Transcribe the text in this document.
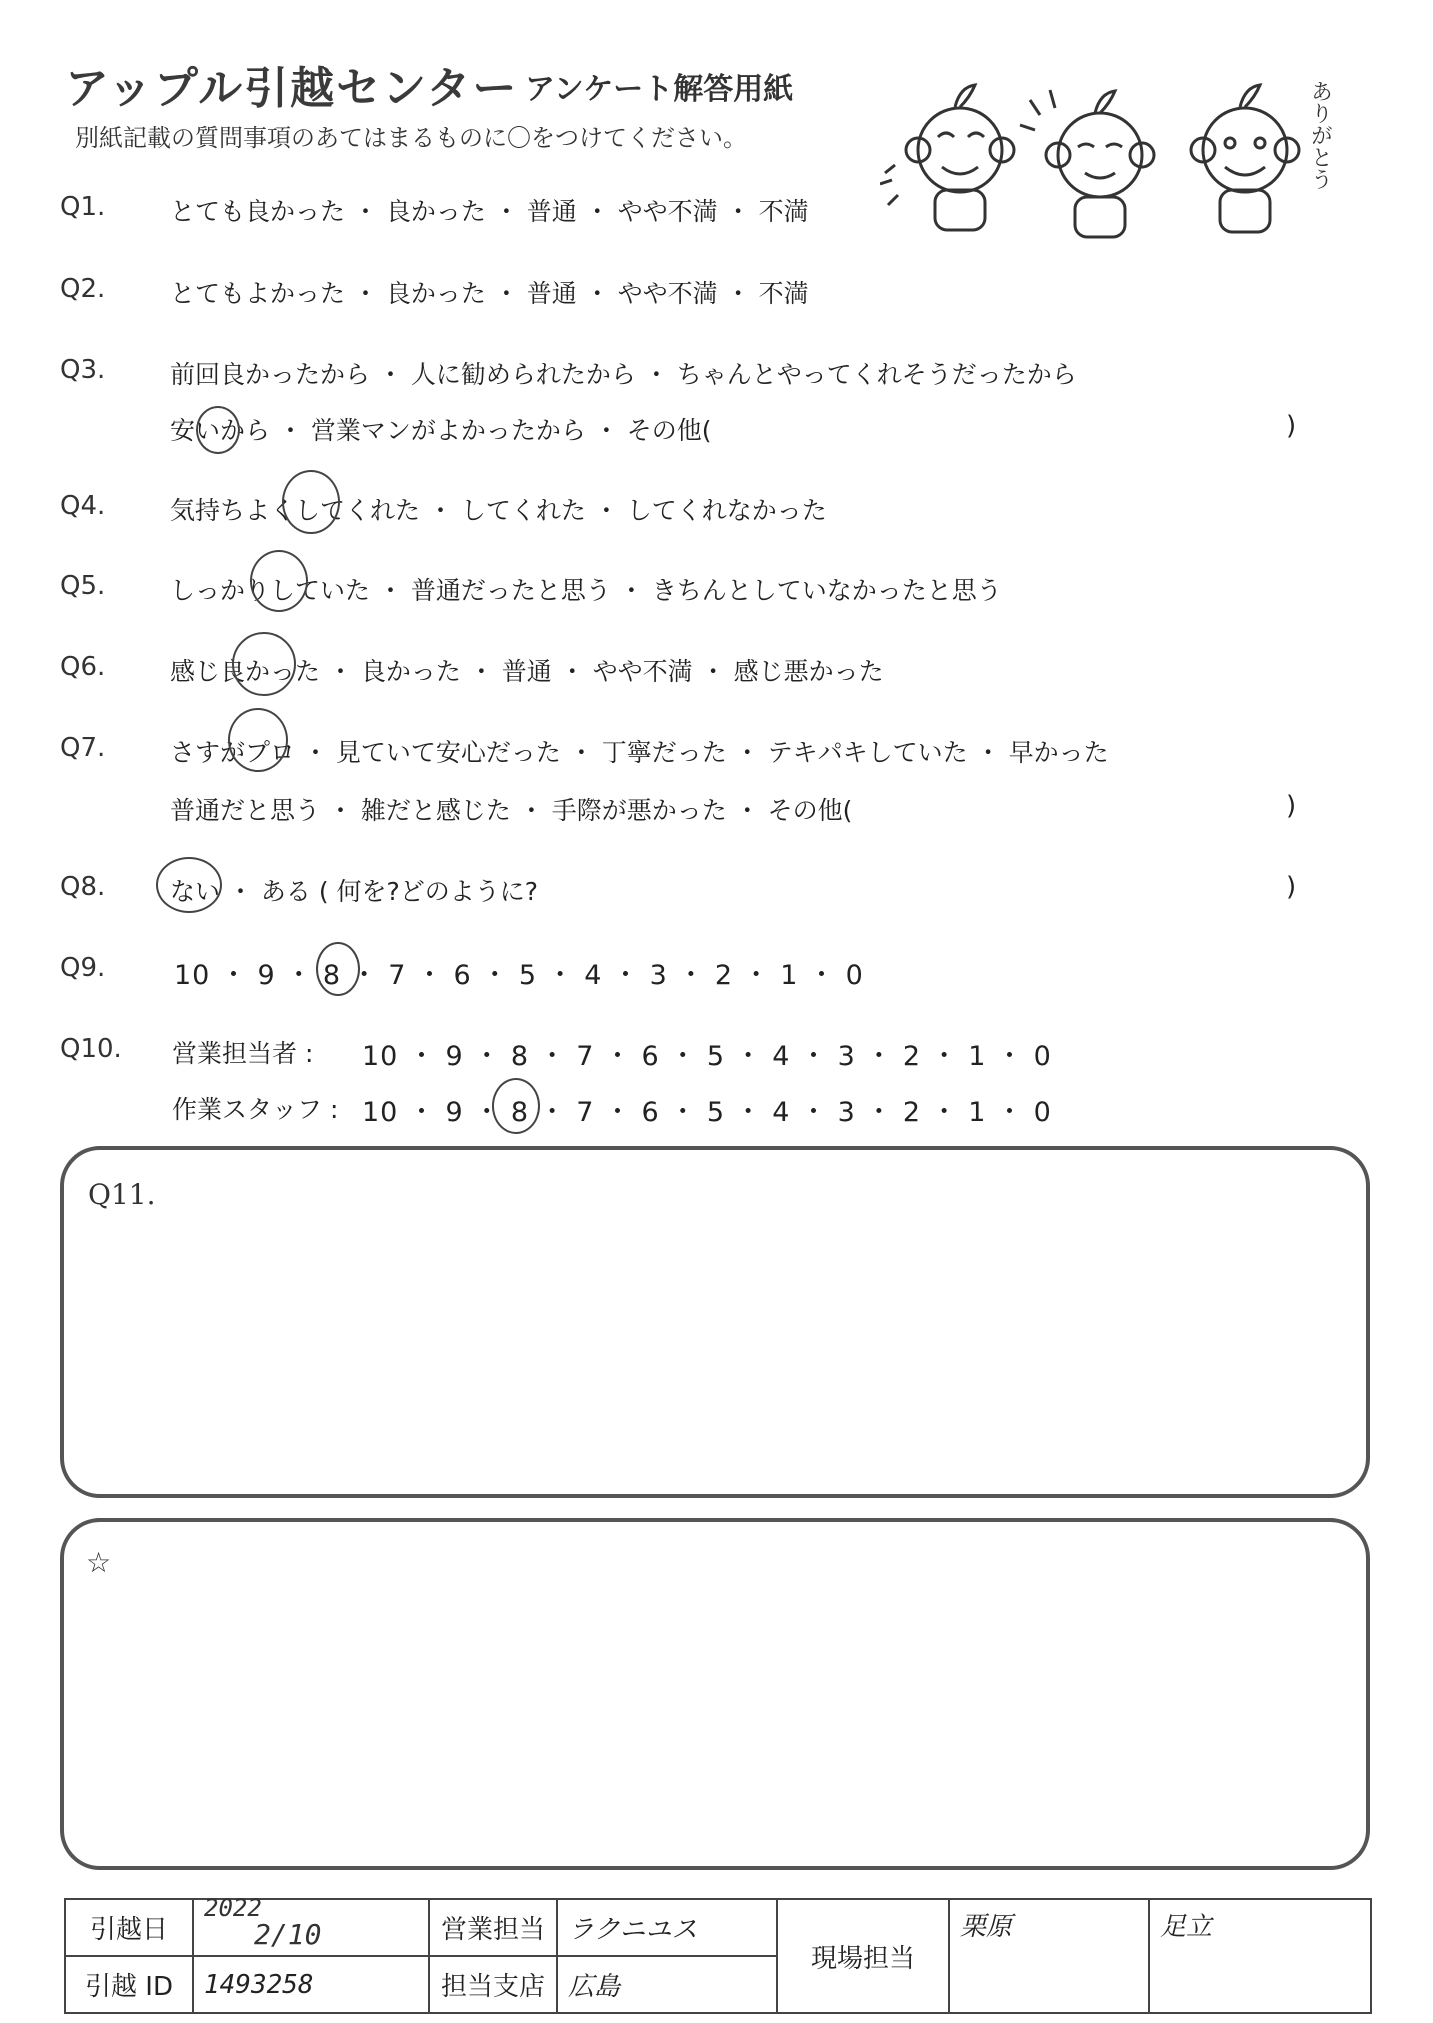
アップル引越センター アンケート解答用紙
別紙記載の質問事項のあてはまるものに〇をつけてください。	ありがとう
Q1.	とても良かった ・ 良かった ・ 普通 ・ やや不満 ・ 不満
Q2.	とてもよかった ・ 良かった ・ 普通 ・ やや不満 ・ 不満
Q3.	前回良かったから ・ 人に勧められたから ・ ちゃんとやってくれそうだったから
安いから ・ 営業マンがよかったから ・ その他(	)
Q4.	気持ちよくしてくれた ・ してくれた ・ してくれなかった
Q5.	しっかりしていた ・ 普通だったと思う ・ きちんとしていなかったと思う
Q6.	感じ良かった ・ 良かった ・ 普通 ・ やや不満 ・ 感じ悪かった
Q7.	さすがプロ ・ 見ていて安心だった ・ 丁寧だった ・ テキパキしていた ・ 早かった
普通だと思う ・ 雑だと感じた ・ 手際が悪かった ・ その他(	)
Q8.	ない ・ ある ( 何を?どのように?	)
Q9.	10 ・ 9 ・ 8 ・ 7 ・ 6 ・ 5 ・ 4 ・ 3 ・ 2 ・ 1 ・ 0
Q10. 営業担当者 : 10 ・ 9 ・ 8 ・ 7 ・ 6 ・ 5 ・ 4 ・ 3 ・ 2 ・ 1 ・ 0
作業スタッフ : 10 ・ 9 ・ 8 ・ 7 ・ 6 ・ 5 ・ 4 ・ 3 ・ 2 ・ 1 ・ 0
Q11.
☆
引越日	2022
2/10	営業担当	ラクニユス	現場担当	栗原	足立
引越 ID	1493258	担当支店	広島			
